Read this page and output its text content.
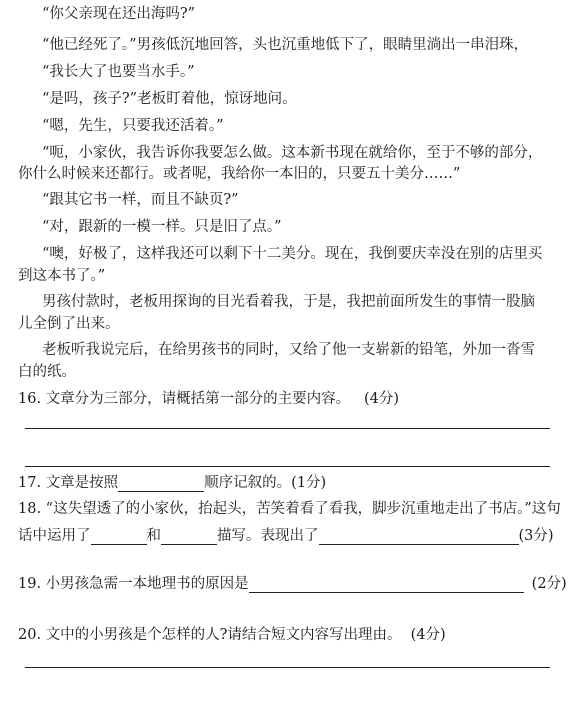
“你父亲现在还出海吗?”
“他已经死了。”男孩低沉地回答，头也沉重地低下了，眼睛里淌出一串泪珠，
“我长大了也要当水手。”
“是吗，孩子?”老板盯着他，惊讶地问。
“嗯，先生，只要我还活着。”
“呃，小家伙，我告诉你我要怎么做。这本新书现在就给你，至于不够的部分，
你什么时候来还都行。或者呢，我给你一本旧的，只要五十美分……”
“跟其它书一样，而且不缺页?”
“对，跟新的一模一样。只是旧了点。”
“噢，好极了，这样我还可以剩下十二美分。现在，我倒要庆幸没在别的店里买
到这本书了。”
男孩付款时，老板用探询的目光看着我，于是，我把前面所发生的事情一股脑
儿全倒了出来。
老板听我说完后，在给男孩书的同时，又给了他一支崭新的铅笔，外加一沓雪
白的纸。
16. 文章分为三部分，请概括第一部分的主要内容。 (4分)
17. 文章是按照	顺序记叙的。(1分)
18. “这失望透了的小家伙，抬起头，苦笑着看了看我，脚步沉重地走出了书店。”这句
话中运用了	和	描写。表现出了	(3分)
19. 小男孩急需一本地理书的原因是	(2分)
20. 文中的小男孩是个怎样的人?请结合短文内容写出理由。 (4分)
